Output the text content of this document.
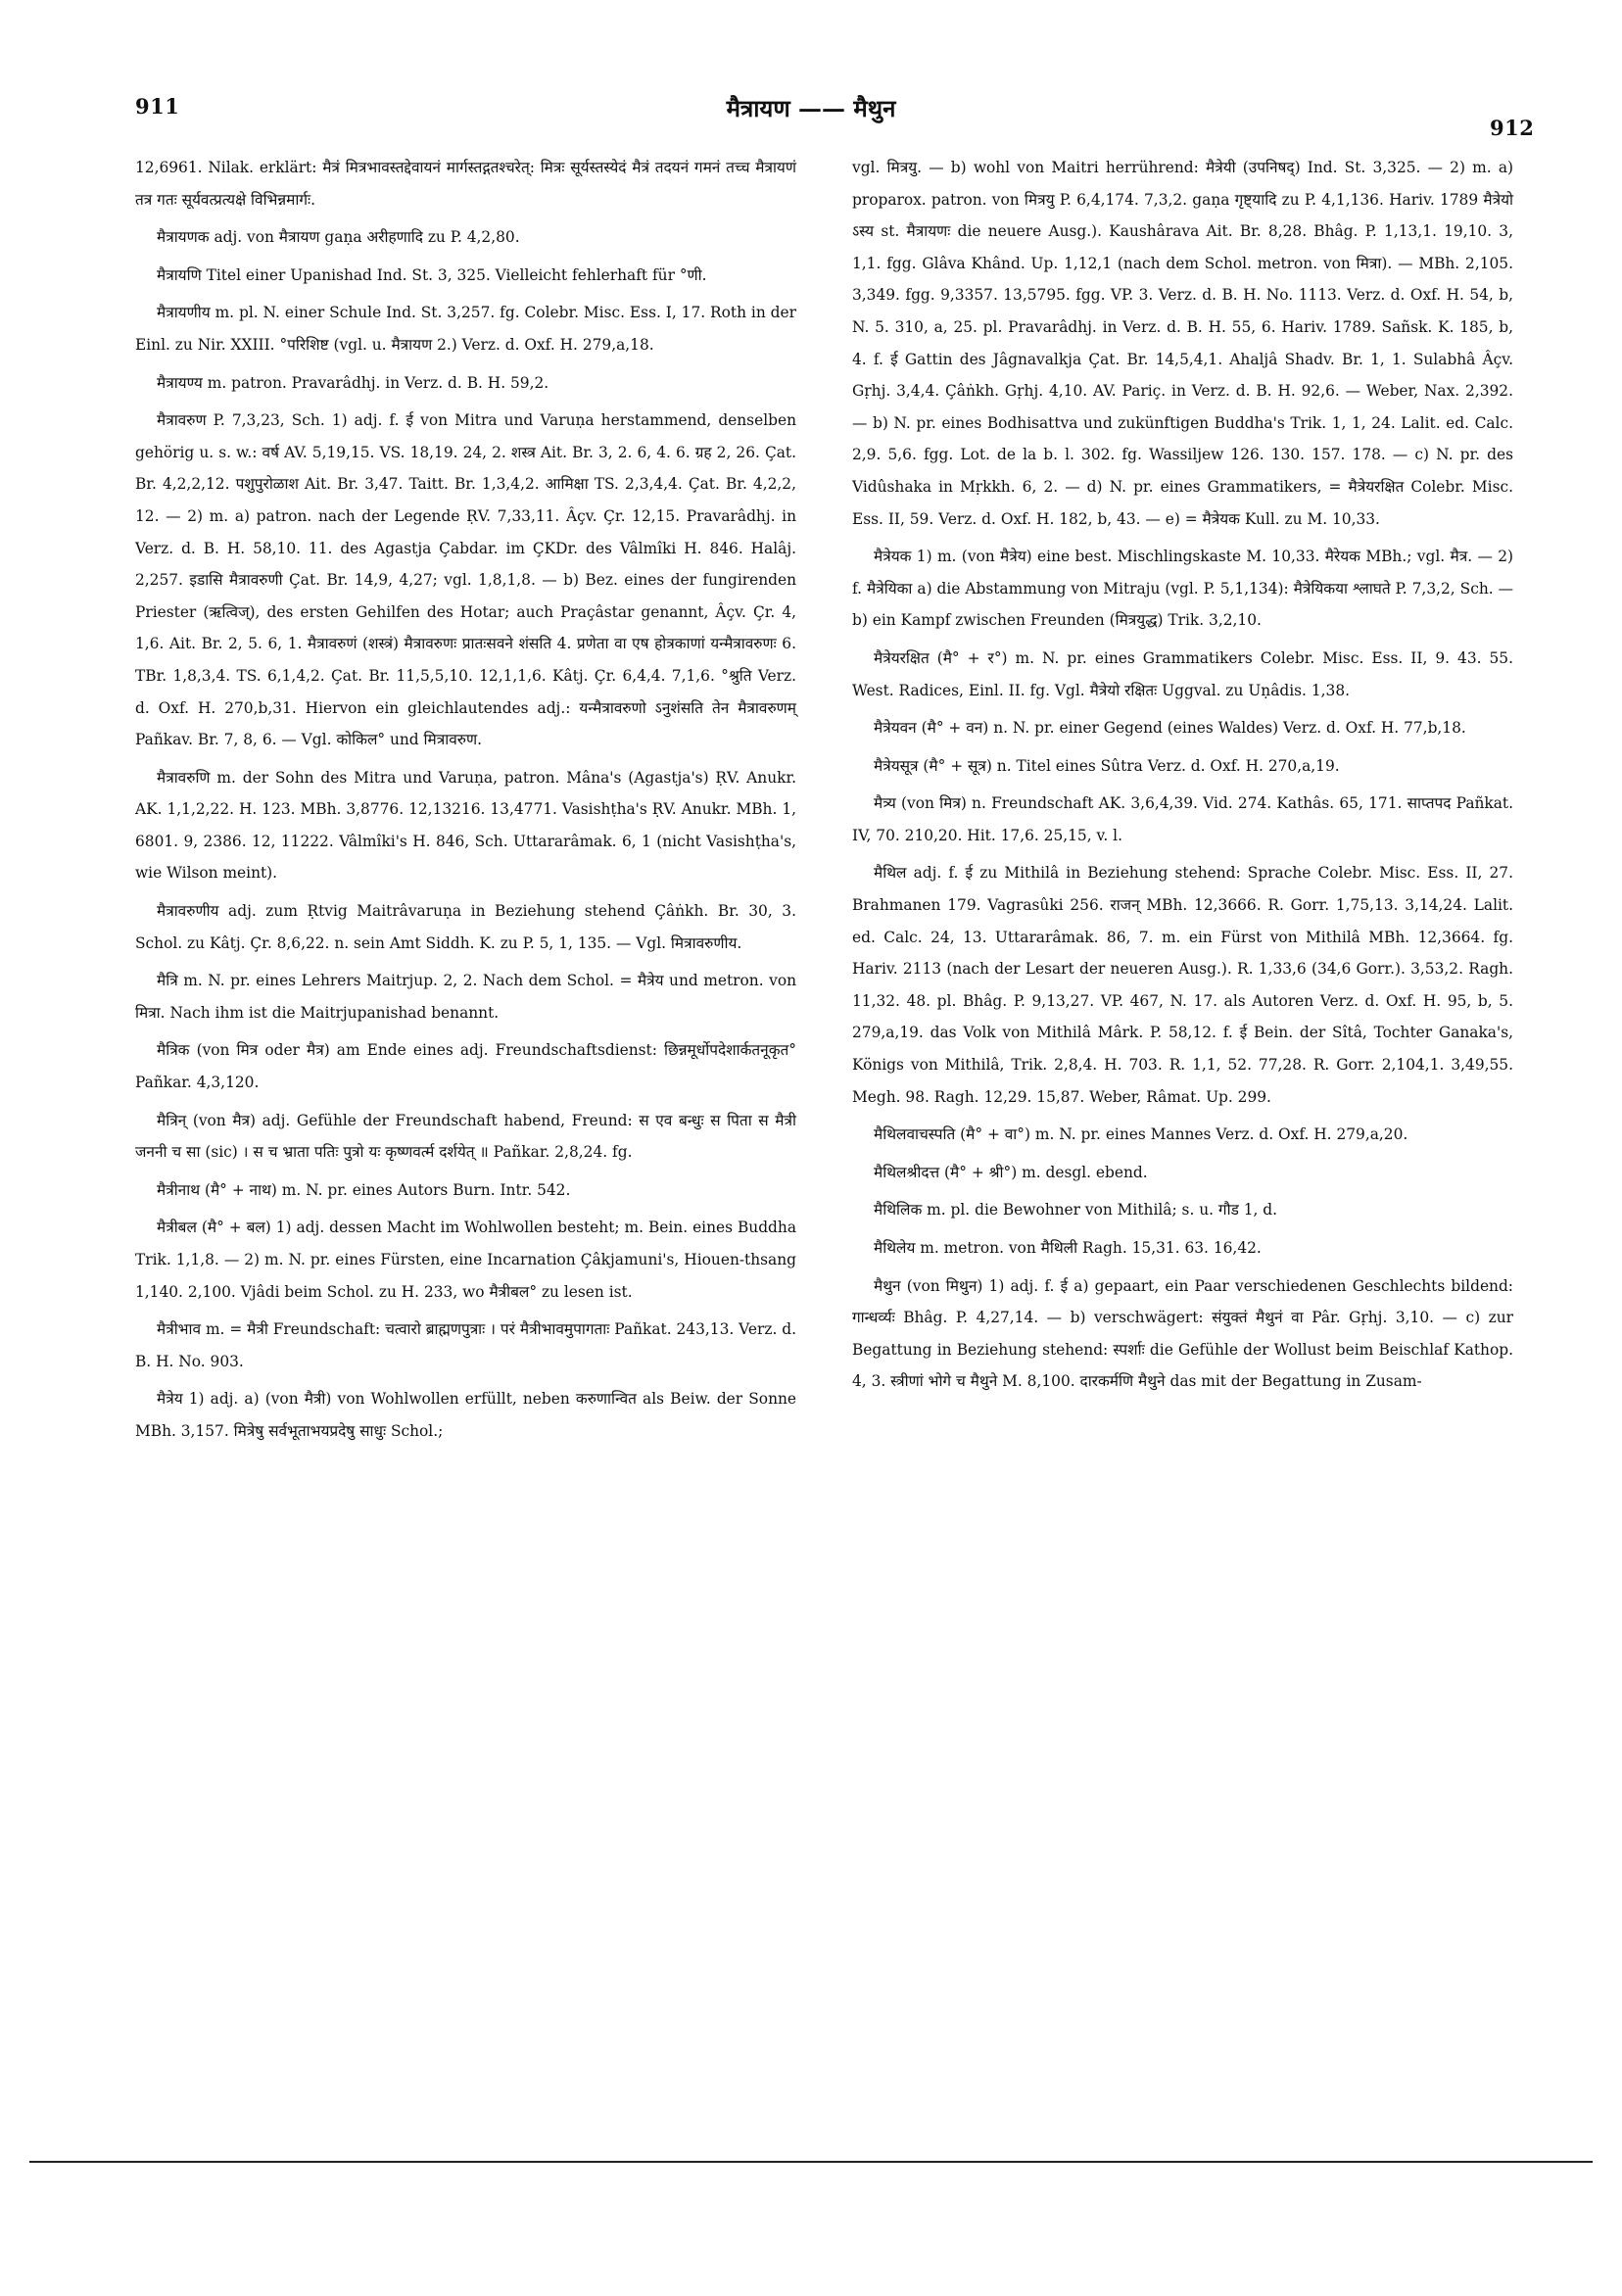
911	मैत्रायण —— मैथुन
912

12,6961. Nilak. erklärt: मैत्रं मित्रभावस्तद्देवायनं मार्गस्तद्गतश्चरेत्: मित्रः सूर्यस्तस्येदं मैत्रं तदयनं गमनं तच्च मैत्रायणं तत्र गतः सूर्यवत्प्रत्यक्षे विभिन्नमार्गः.

मैत्रायणक adj. von मैत्रायण gaṇa अरीहणादि zu P. 4,2,80.

मैत्रायणि Titel einer Upanishad Ind. St. 3, 325. Vielleicht fehlerhaft für °णी.

मैत्रायणीय m. pl. N. einer Schule Ind. St. 3,257. fg. Colebr. Misc. Ess. I, 17. Roth in der Einl. zu Nir. XXIII. °परिशिष्ट (vgl. u. मैत्रायण 2.) Verz. d. Oxf. H. 279,a,18.

मैत्रायण्य m. patron. Pravarâdhj. in Verz. d. B. H. 59,2.

मैत्रावरुण P. 7,3,23, Sch. 1) adj. f. ई von Mitra und Varuṇa herstammend, denselben gehörig u. s. w.: वर्ष AV. 5,19,15. VS. 18,19. 24, 2. शस्त्र Ait. Br. 3, 2. 6, 4. 6. ग्रह 2, 26. Çat. Br. 4,2,2,12. पशुपुरोळाश Ait. Br. 3,47. Taitt. Br. 1,3,4,2. आमिक्षा TS. 2,3,4,4. Çat. Br. 4,2,2, 12. — 2) m. a) patron. nach der Legende ṚV. 7,33,11. Âçv. Çr. 12,15. Pravarâdhj. in Verz. d. B. H. 58,10. 11. des Agastja Çabdar. im ÇKDr. des Vâlmîki H. 846. Halâj. 2,257. इडासि मैत्रावरुणी Çat. Br. 14,9, 4,27; vgl. 1,8,1,8. — b) Bez. eines der fungirenden Priester (ऋत्विज्), des ersten Gehilfen des Hotar; auch Praçâstar genannt, Âçv. Çr. 4, 1,6. Ait. Br. 2, 5. 6, 1. मैत्रावरुणं (शस्त्रं) मैत्रावरुणः प्रातःसवने शंसति 4. प्रणेता वा एष होत्रकाणां यन्मैत्रावरुणः 6. TBr. 1,8,3,4. TS. 6,1,4,2. Çat. Br. 11,5,5,10. 12,1,1,6. Kâtj. Çr. 6,4,4. 7,1,6. °श्रुति Verz. d. Oxf. H. 270,b,31. Hiervon ein gleichlautendes adj.: यन्मैत्रावरुणो ऽनुशंसति तेन मैत्रावरुणम् Pañkav. Br. 7, 8, 6. — Vgl. कोकिल° und मित्रावरुण.

मैत्रावरुणि m. der Sohn des Mitra und Varuṇa, patron. Mâna's (Agastja's) ṚV. Anukr. AK. 1,1,2,22. H. 123. MBh. 3,8776. 12,13216. 13,4771. Vasishṭha's ṚV. Anukr. MBh. 1, 6801. 9, 2386. 12, 11222. Vâlmîki's H. 846, Sch. Uttararâmak. 6, 1 (nicht Vasishṭha's, wie Wilson meint).

मैत्रावरुणीय adj. zum Ṛtvig Maitrâvaruṇa in Beziehung stehend Çâṅkh. Br. 30, 3. Schol. zu Kâtj. Çr. 8,6,22. n. sein Amt Siddh. K. zu P. 5, 1, 135. — Vgl. मित्रावरुणीय.

मैत्रि m. N. pr. eines Lehrers Maitrjup. 2, 2. Nach dem Schol. = मैत्रेय und metron. von मित्रा. Nach ihm ist die Maitrjupanishad benannt.

मैत्रिक (von मित्र oder मैत्र) am Ende eines adj. Freundschaftsdienst: छिन्नमूर्धोपदेशार्कतनूकृत° Pañkar. 4,3,120.

मैत्रिन् (von मैत्र) adj. Gefühle der Freundschaft habend, Freund: स एव बन्धुः स पिता स मैत्री जननी च सा (sic) । स च भ्राता पतिः पुत्रो यः कृष्णवर्त्म दर्शयेत् ॥ Pañkar. 2,8,24. fg.

मैत्रीनाथ (मै° + नाथ) m. N. pr. eines Autors Burn. Intr. 542.

मैत्रीबल (मै° + बल) 1) adj. dessen Macht im Wohlwollen besteht; m. Bein. eines Buddha Trik. 1,1,8. — 2) m. N. pr. eines Fürsten, eine Incarnation Çâkjamuni's, Hiouen-thsang 1,140. 2,100. Vjâdi beim Schol. zu H. 233, wo मैत्रीबल° zu lesen ist.

मैत्रीभाव m. = मैत्री Freundschaft: चत्वारो ब्राह्मणपुत्राः । परं मैत्रीभावमुपागताः Pañkat. 243,13. Verz. d. B. H. No. 903.

मैत्रेय 1) adj. a) (von मैत्री) von Wohlwollen erfüllt, neben करुणान्वित als Beiw. der Sonne MBh. 3,157. मित्रेषु सर्वभूताभयप्रदेषु साधुः Schol.;

vgl. मित्रयु. — b) wohl von Maitri herrührend: मैत्रेयी (उपनिषद्) Ind. St. 3,325. — 2) m. a) proparox. patron. von मित्रयु P. 6,4,174. 7,3,2. gaṇa गृष्ट्यादि zu P. 4,1,136. Hariv. 1789 मैत्रेयो ऽस्य st. मैत्रायणः die neuere Ausg.). Kaushârava Ait. Br. 8,28. Bhâg. P. 1,13,1. 19,10. 3, 1,1. fgg. Glâva Khând. Up. 1,12,1 (nach dem Schol. metron. von मित्रा). — MBh. 2,105. 3,349. fgg. 9,3357. 13,5795. fgg. VP. 3. Verz. d. B. H. No. 1113. Verz. d. Oxf. H. 54, b, N. 5. 310, a, 25. pl. Pravarâdhj. in Verz. d. B. H. 55, 6. Hariv. 1789. Sañsk. K. 185, b, 4. f. ई Gattin des Jâgnavalkja Çat. Br. 14,5,4,1. Ahaljâ Shadv. Br. 1, 1. Sulabhâ Âçv. Gṛhj. 3,4,4. Çâṅkh. Gṛhj. 4,10. AV. Pariç. in Verz. d. B. H. 92,6. — Weber, Nax. 2,392. — b) N. pr. eines Bodhisattva und zukünftigen Buddha's Trik. 1, 1, 24. Lalit. ed. Calc. 2,9. 5,6. fgg. Lot. de la b. l. 302. fg. Wassiljew 126. 130. 157. 178. — c) N. pr. des Vidûshaka in Mṛkkh. 6, 2. — d) N. pr. eines Grammatikers, = मैत्रेयरक्षित Colebr. Misc. Ess. II, 59. Verz. d. Oxf. H. 182, b, 43. — e) = मैत्रेयक Kull. zu M. 10,33.

मैत्रेयक 1) m. (von मैत्रेय) eine best. Mischlingskaste M. 10,33. मैरेयक MBh.; vgl. मैत्र. — 2) f. मैत्रेयिका a) die Abstammung von Mitraju (vgl. P. 5,1,134): मैत्रेयिकया श्लाघते P. 7,3,2, Sch. — b) ein Kampf zwischen Freunden (मित्रयुद्ध) Trik. 3,2,10.

मैत्रेयरक्षित (मै° + र°) m. N. pr. eines Grammatikers Colebr. Misc. Ess. II, 9. 43. 55. West. Radices, Einl. II. fg. Vgl. मैत्रेयो रक्षितः Uggval. zu Uṇâdis. 1,38.

मैत्रेयवन (मै° + वन) n. N. pr. einer Gegend (eines Waldes) Verz. d. Oxf. H. 77,b,18.

मैत्रेयसूत्र (मै° + सूत्र) n. Titel eines Sûtra Verz. d. Oxf. H. 270,a,19.

मैत्र्य (von मित्र) n. Freundschaft AK. 3,6,4,39. Vid. 274. Kathâs. 65, 171. साप्तपद Pañkat. IV, 70. 210,20. Hit. 17,6. 25,15, v. l.

मैथिल adj. f. ई zu Mithilâ in Beziehung stehend: Sprache Colebr. Misc. Ess. II, 27. Brahmanen 179. Vagrasûki 256. राजन् MBh. 12,3666. R. Gorr. 1,75,13. 3,14,24. Lalit. ed. Calc. 24, 13. Uttararâmak. 86, 7. m. ein Fürst von Mithilâ MBh. 12,3664. fg. Hariv. 2113 (nach der Lesart der neueren Ausg.). R. 1,33,6 (34,6 Gorr.). 3,53,2. Ragh. 11,32. 48. pl. Bhâg. P. 9,13,27. VP. 467, N. 17. als Autoren Verz. d. Oxf. H. 95, b, 5. 279,a,19. das Volk von Mithilâ Mârk. P. 58,12. f. ई Bein. der Sîtâ, Tochter Ganaka's, Königs von Mithilâ, Trik. 2,8,4. H. 703. R. 1,1, 52. 77,28. R. Gorr. 2,104,1. 3,49,55. Megh. 98. Ragh. 12,29. 15,87. Weber, Râmat. Up. 299.

मैथिलवाचस्पति (मै° + वा°) m. N. pr. eines Mannes Verz. d. Oxf. H. 279,a,20.

मैथिलश्रीदत्त (मै° + श्री°) m. desgl. ebend.

मैथिलिक m. pl. die Bewohner von Mithilâ; s. u. गौड 1, d.

मैथिलेय m. metron. von मैथिली Ragh. 15,31. 63. 16,42.

मैथुन (von मिथुन) 1) adj. f. ई a) gepaart, ein Paar verschiedenen Geschlechts bildend: गान्धर्व्यः Bhâg. P. 4,27,14. — b) verschwägert: संयुक्तं मैथुनं वा Pâr. Gṛhj. 3,10. — c) zur Begattung in Beziehung stehend: स्पर्शाः die Gefühle der Wollust beim Beischlaf Kathop. 4, 3. स्त्रीणां भोगे च मैथुने M. 8,100. दारकर्मणि मैथुने das mit der Begattung in Zusam-
